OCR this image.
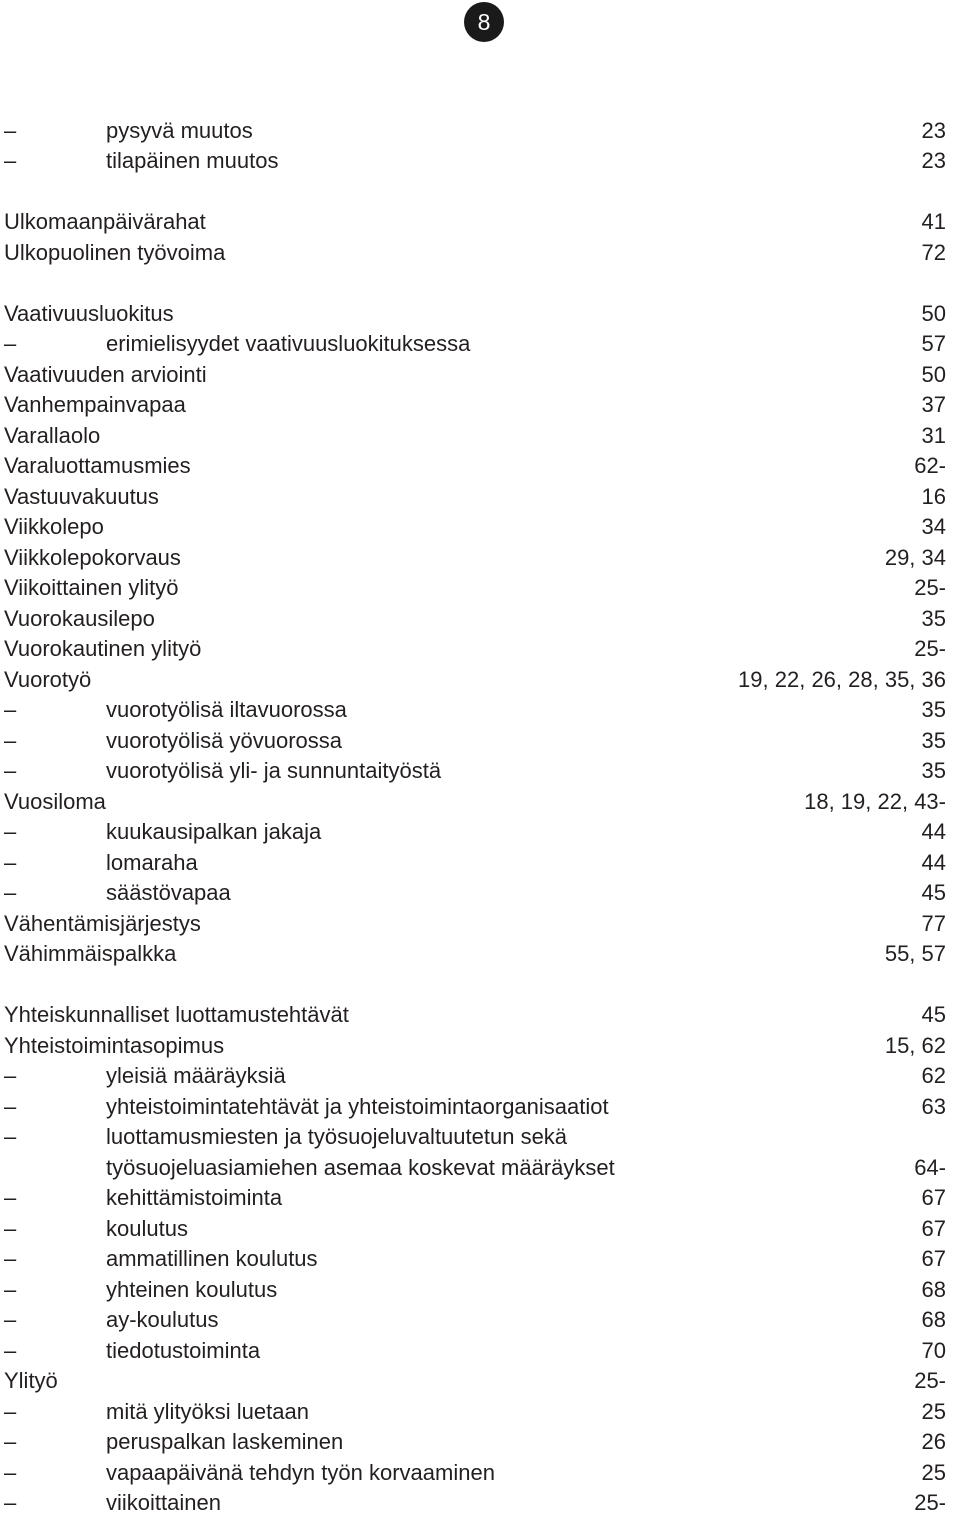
8
–	pysyvä muutos	23
–	tilapäinen muutos	23
Ulkomaanpäivärahat	41
Ulkopuolinen työvoima	72
Vaativuusluokitus	50
–	erimielisyydet vaativuusluokituksessa	57
Vaativuuden arviointi	50
Vanhempainvapaa	37
Varallaolo	31
Varaluottamusmies	62-
Vastuuvakuutus	16
Viikkolepo	34
Viikkolepokorvaus	29, 34
Viikoittainen ylityö	25-
Vuorokausilepo	35
Vuorokautinen ylityö	25-
Vuorotyö	19, 22, 26, 28, 35, 36
–	vuorotyölisä iltavuorossa	35
–	vuorotyölisä yövuorossa	35
–	vuorotyölisä yli- ja sunnuntaityöstä	35
Vuosiloma	18, 19, 22, 43-
–	kuukausipalkan jakaja	44
–	lomaraha	44
–	säästövapaa	45
Vähentämisjärjestys	77
Vähimmäispalkka	55, 57
Yhteiskunnalliset luottamustehtävät	45
Yhteistoimintasopimus	15, 62
–	yleisiä määräyksiä	62
–	yhteistoimintatehtävät ja yhteistoimintaorganisaatiot	63
–	luottamusmiesten ja työsuojeluvaltuutetun sekä
työsuojeluasiamiehen asemaa koskevat määräykset	64-
–	kehittämistoiminta	67
–	koulutus	67
–	ammatillinen koulutus	67
–	yhteinen koulutus	68
–	ay-koulutus	68
–	tiedotustoiminta	70
Ylityö	25-
–	mitä ylityöksi luetaan	25
–	peruspalkan laskeminen	26
–	vapaapäivänä tehdyn työn korvaaminen	25
–	viikoittainen	25-
